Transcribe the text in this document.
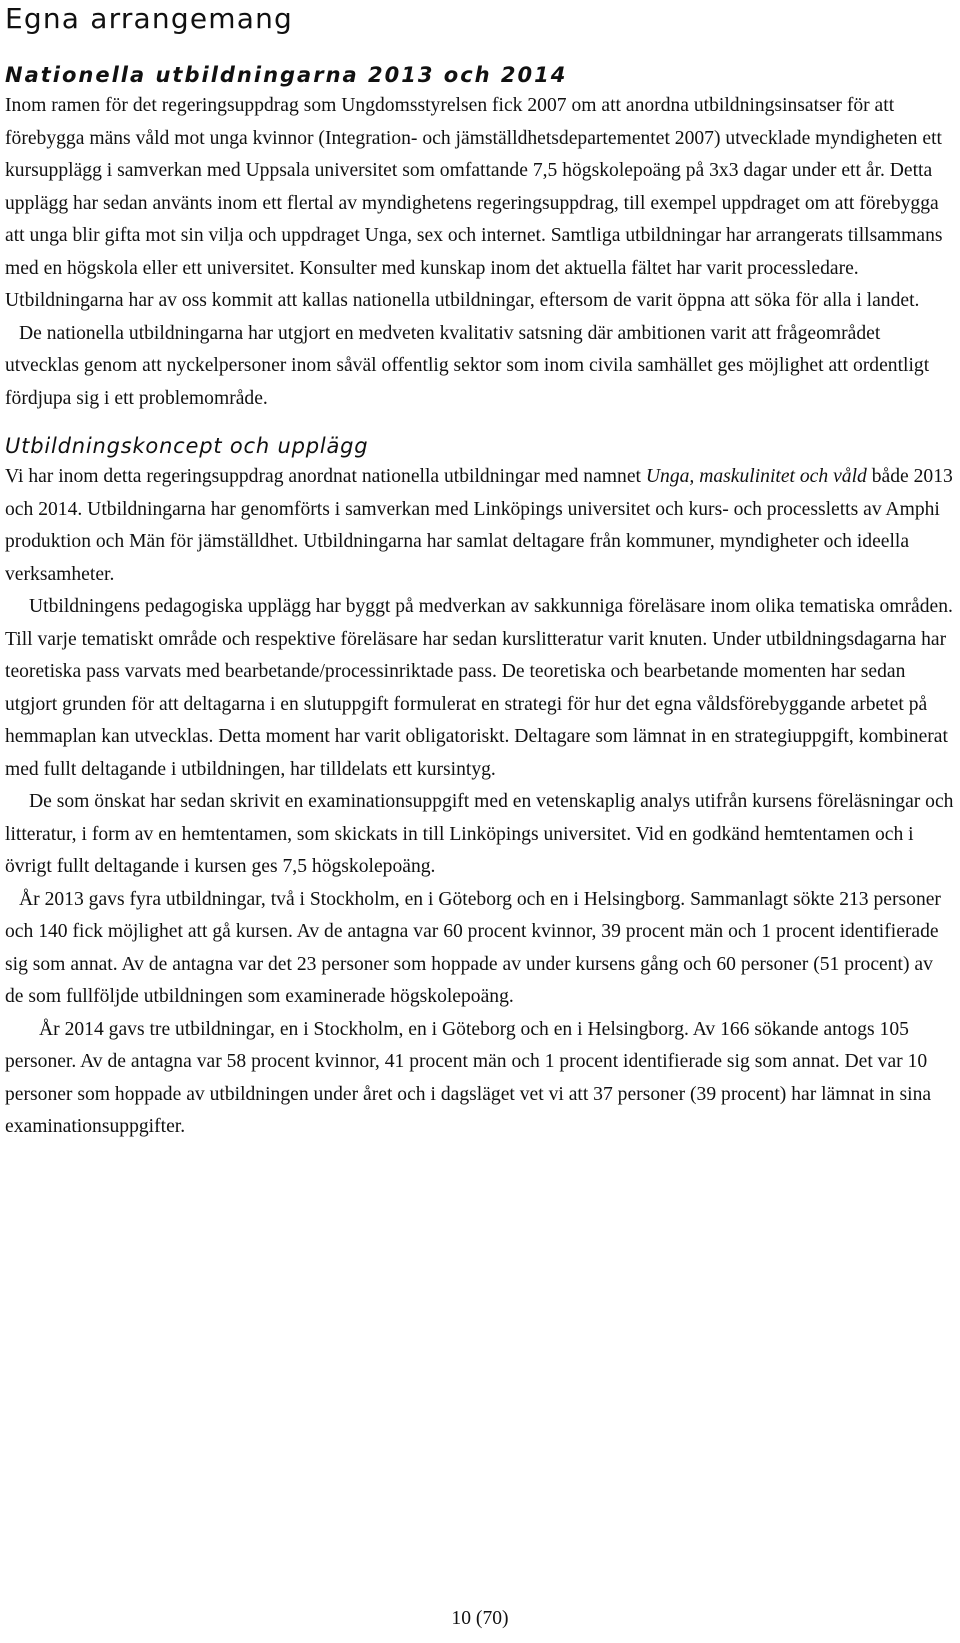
Egna arrangemang
Nationella utbildningarna 2013 och 2014

Inom ramen för det regeringsuppdrag som Ungdomsstyrelsen fick 2007 om att anordna utbildningsinsatser för att förebygga mäns våld mot unga kvinnor (Integration- och jämställdhetsdepartementet 2007) utvecklade myndigheten ett kursupplägg i samverkan med Uppsala universitet som omfattande 7,5 högskolepoäng på 3x3 dagar under ett år. Detta upplägg har sedan använts inom ett flertal av myndighetens regeringsuppdrag, till exempel uppdraget om att förebygga att unga blir gifta mot sin vilja och uppdraget Unga, sex och internet. Samtliga utbildningar har arrangerats tillsammans med en högskola eller ett universitet. Konsulter med kunskap inom det aktuella fältet har varit processledare. Utbildningarna har av oss kommit att kallas nationella utbildningar, eftersom de varit öppna att söka för alla i landet.

De nationella utbildningarna har utgjort en medveten kvalitativ satsning där ambitionen varit att frågeområdet utvecklas genom att nyckelpersoner inom såväl offentlig sektor som inom civila samhället ges möjlighet att ordentligt fördjupa sig i ett problemområde.

Utbildningskoncept och upplägg

Vi har inom detta regeringsuppdrag anordnat nationella utbildningar med namnet Unga, maskulinitet och våld både 2013 och 2014. Utbildningarna har genomförts i samverkan med Linköpings universitet och kurs- och processletts av Amphi produktion och Män för jämställdhet. Utbildningarna har samlat deltagare från kommuner, myndigheter och ideella verksamheter.

Utbildningens pedagogiska upplägg har byggt på medverkan av sakkunniga föreläsare inom olika tematiska områden. Till varje tematiskt område och respektive föreläsare har sedan kurslitteratur varit knuten. Under utbildningsdagarna har teoretiska pass varvats med bearbetande/processinriktade pass. De teoretiska och bearbetande momenten har sedan utgjort grunden för att deltagarna i en slutuppgift formulerat en strategi för hur det egna våldsförebyggande arbetet på hemmaplan kan utvecklas. Detta moment har varit obligatoriskt. Deltagare som lämnat in en strategiuppgift, kombinerat med fullt deltagande i utbildningen, har tilldelats ett kursintyg.

De som önskat har sedan skrivit en examinationsuppgift med en vetenskaplig analys utifrån kursens föreläsningar och litteratur, i form av en hemtentamen, som skickats in till Linköpings universitet. Vid en godkänd hemtentamen och i övrigt fullt deltagande i kursen ges 7,5 högskolepoäng.

År 2013 gavs fyra utbildningar, två i Stockholm, en i Göteborg och en i Helsingborg. Sammanlagt sökte 213 personer och 140 fick möjlighet att gå kursen. Av de antagna var 60 procent kvinnor, 39 procent män och 1 procent identifierade sig som annat. Av de antagna var det 23 personer som hoppade av under kursens gång och 60 personer (51 procent) av de som fullföljde utbildningen som examinerade högskolepoäng.

År 2014 gavs tre utbildningar, en i Stockholm, en i Göteborg och en i Helsingborg. Av 166 sökande antogs 105 personer. Av de antagna var 58 procent kvinnor, 41 procent män och 1 procent identifierade sig som annat. Det var 10 personer som hoppade av utbildningen under året och i dagsläget vet vi att 37 personer (39 procent) har lämnat in sina examinationsuppgifter.

10 (70)
